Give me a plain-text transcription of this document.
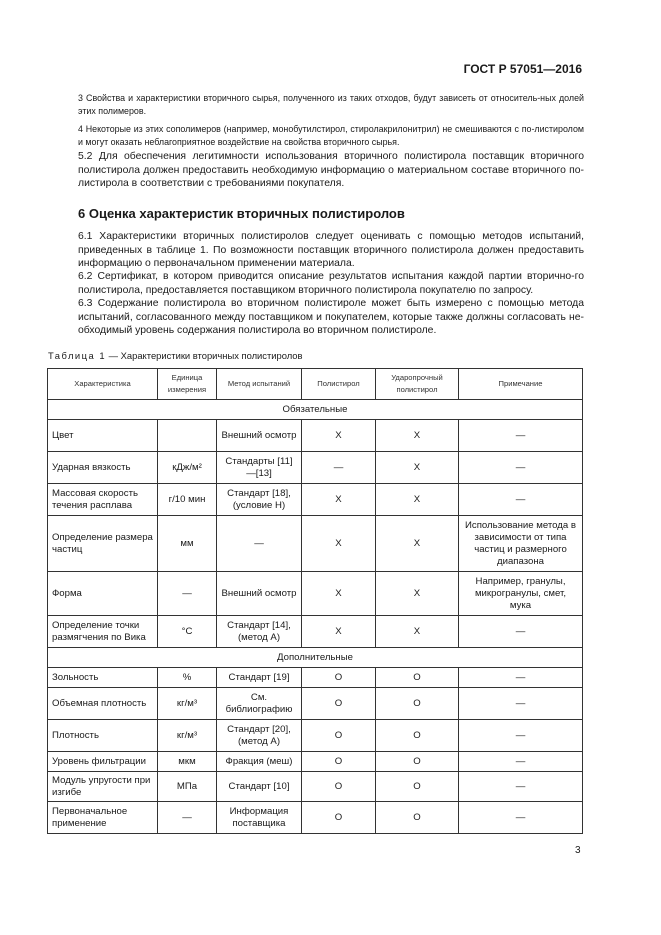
ГОСТ Р 57051—2016

3 Свойства и характеристики вторичного сырья, полученного из таких отходов, будут зависеть от относитель-ных долей этих полимеров.

4 Некоторые из этих сополимеров (например, монобутилстирол, стиролакрилонитрил) не смешиваются с по-листиролом и могут оказать неблагоприятное воздействие на свойства вторичного сырья.

5.2 Для обеспечения легитимности использования вторичного полистирола поставщик вторичного полистирола должен предоставить необходимую информацию о материальном составе вторичного по-листирола в соответствии с требованиями покупателя.

6 Оценка характеристик вторичных полистиролов

6.1 Характеристики вторичных полистиролов следует оценивать с помощью методов испытаний, приведенных в таблице 1. По возможности поставщик вторичного полистирола должен предоставить информацию о первоначальном применении материала.

6.2 Сертификат, в котором приводится описание результатов испытания каждой партии вторично-го полистирола, предоставляется поставщиком вторичного полистирола покупателю по запросу.

6.3 Содержание полистирола во вторичном полистироле может быть измерено с помощью метода испытаний, согласованного между поставщиком и покупателем, которые также должны согласовать не-обходимый уровень содержания полистирола во вторичном полистироле.

Таблица 1 — Характеристики вторичных полистиролов
Характеристика	Единица измерения	Метод испытаний	Полистирол	Ударопрочный полистирол	Примечание
Обязательные					
Цвет		Внешний осмотр	X	X	—
Ударная вязкость	кДж/м²	Стандарты [11]—[13]	—	X	—
Массовая скорость течения расплава	г/10 мин	Стандарт [18], (условие H)	X	X	—
Определение размера частиц	мм	—	X	X	Использование метода в зависимости от типа частиц и размерного диапазона
Форма	—	Внешний осмотр	X	X	Например, гранулы, микрогранулы, смет, мука
Определение точки размягчения по Вика	°С	Стандарт [14], (метод А)	X	X	—
Дополнительные					
Зольность	%	Стандарт [19]	О	О	—
Объемная плотность	кг/м³	См. библиографию	О	О	—
Плотность	кг/м³	Стандарт [20], (метод А)	О	О	—
Уровень фильтрации	мкм	Фракция (меш)	О	О	—
Модуль упругости при изгибе	МПа	Стандарт [10]	О	О	—
Первоначальное применение	—	Информация поставщика	О	О	—
3
